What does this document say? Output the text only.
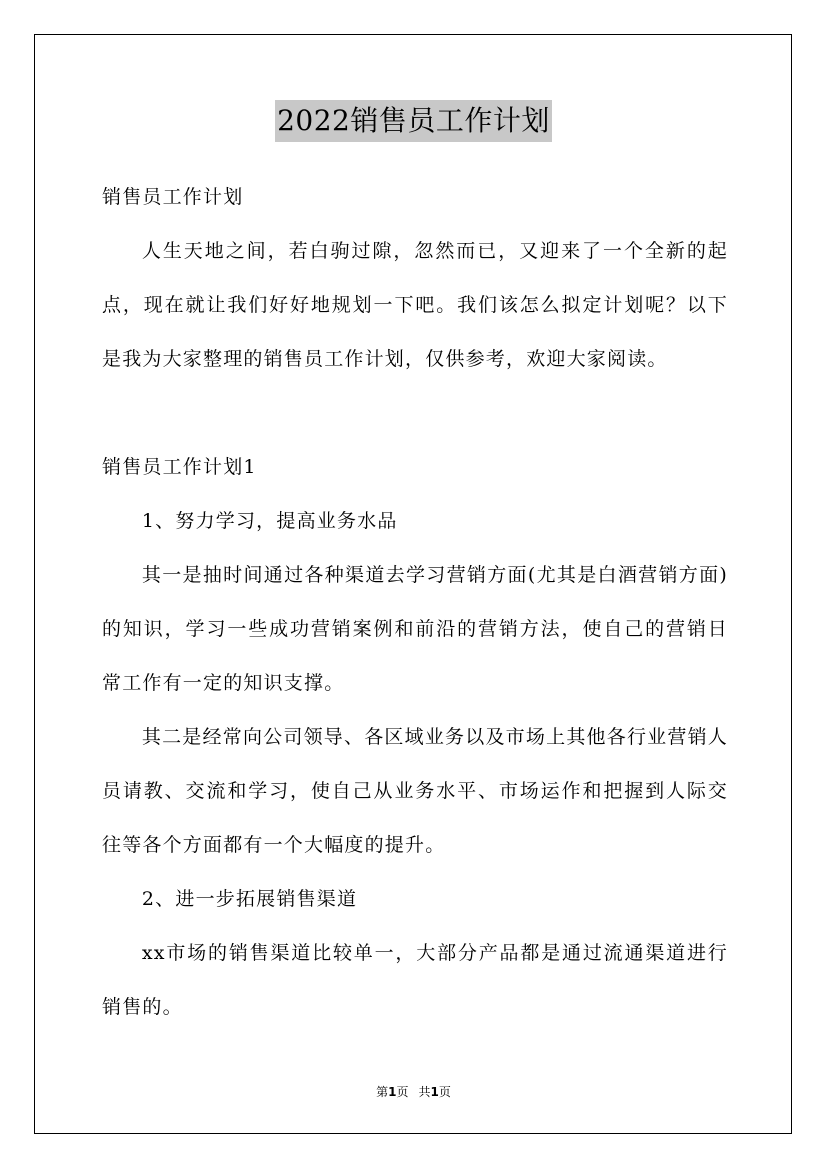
2022销售员工作计划

销售员工作计划

人生天地之间，若白驹过隙，忽然而已，又迎来了一个全新的起点，现在就让我们好好地规划一下吧。我们该怎么拟定计划呢？以下是我为大家整理的销售员工作计划，仅供参考，欢迎大家阅读。

销售员工作计划1

1、努力学习，提高业务水品

其一是抽时间通过各种渠道去学习营销方面(尤其是白酒营销方面)的知识，学习一些成功营销案例和前沿的营销方法，使自己的营销日常工作有一定的知识支撑。

其二是经常向公司领导、各区域业务以及市场上其他各行业营销人员请教、交流和学习，使自己从业务水平、市场运作和把握到人际交往等各个方面都有一个大幅度的提升。

2、进一步拓展销售渠道

xx市场的销售渠道比较单一，大部分产品都是通过流通渠道进行销售的。

第1页 共1页
